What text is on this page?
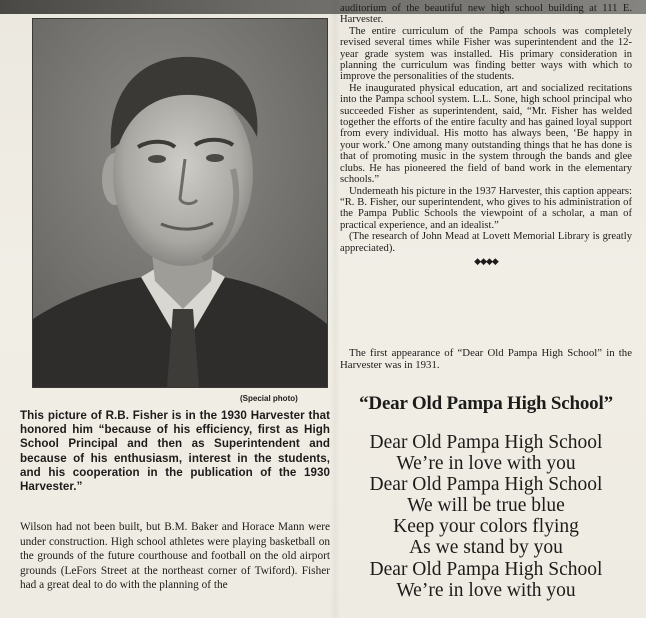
(Special photo)
This picture of R.B. Fisher is in the 1930 Harvester that honored him “because of his efficiency, first as High School Principal and then as Superintendent and because of his enthusiasm, interest in the students, and his cooperation in the publication of the 1930 Harvester.”
Wilson had not been built, but B.M. Baker and Horace Mann were under construction. High school athletes were playing basketball on the grounds of the future courthouse and football on the old airport grounds (LeFors Street at the northeast corner of Twiford). Fisher had a great deal to do with the planning of the

auditorium of the beautiful new high school building at 111 E. Harvester.

The entire curriculum of the Pampa schools was completely revised several times while Fisher was superintendent and the 12-year grade system was installed. His primary consideration in planning the curriculum was finding better ways with which to improve the personalities of the students.

He inaugurated physical education, art and socialized recitations into the Pampa school system. L.L. Sone, high school principal who succeeded Fisher as superintendent, said, “Mr. Fisher has welded together the efforts of the entire faculty and has gained loyal support from every individual. His motto has always been, ‘Be happy in your work.’ One among many outstanding things that he has done is that of promoting music in the system through the bands and glee clubs. He has pioneered the field of band work in the elementary schools.”

Underneath his picture in the 1937 Harvester, this caption appears: “R. B. Fisher, our superintendent, who gives to his administration of the Pampa Public Schools the viewpoint of a scholar, a man of practical experience, and an idealist.”

(The research of John Mead at Lovett Memorial Library is greatly appreciated).

◆◆◆◆
The first appearance of “Dear Old Pampa High School” in the Harvester was in 1931.
“Dear Old Pampa High School”
Dear Old Pampa High School
We’re in love with you
Dear Old Pampa High School
We will be true blue
Keep your colors flying
As we stand by you
Dear Old Pampa High School
We’re in love with you
